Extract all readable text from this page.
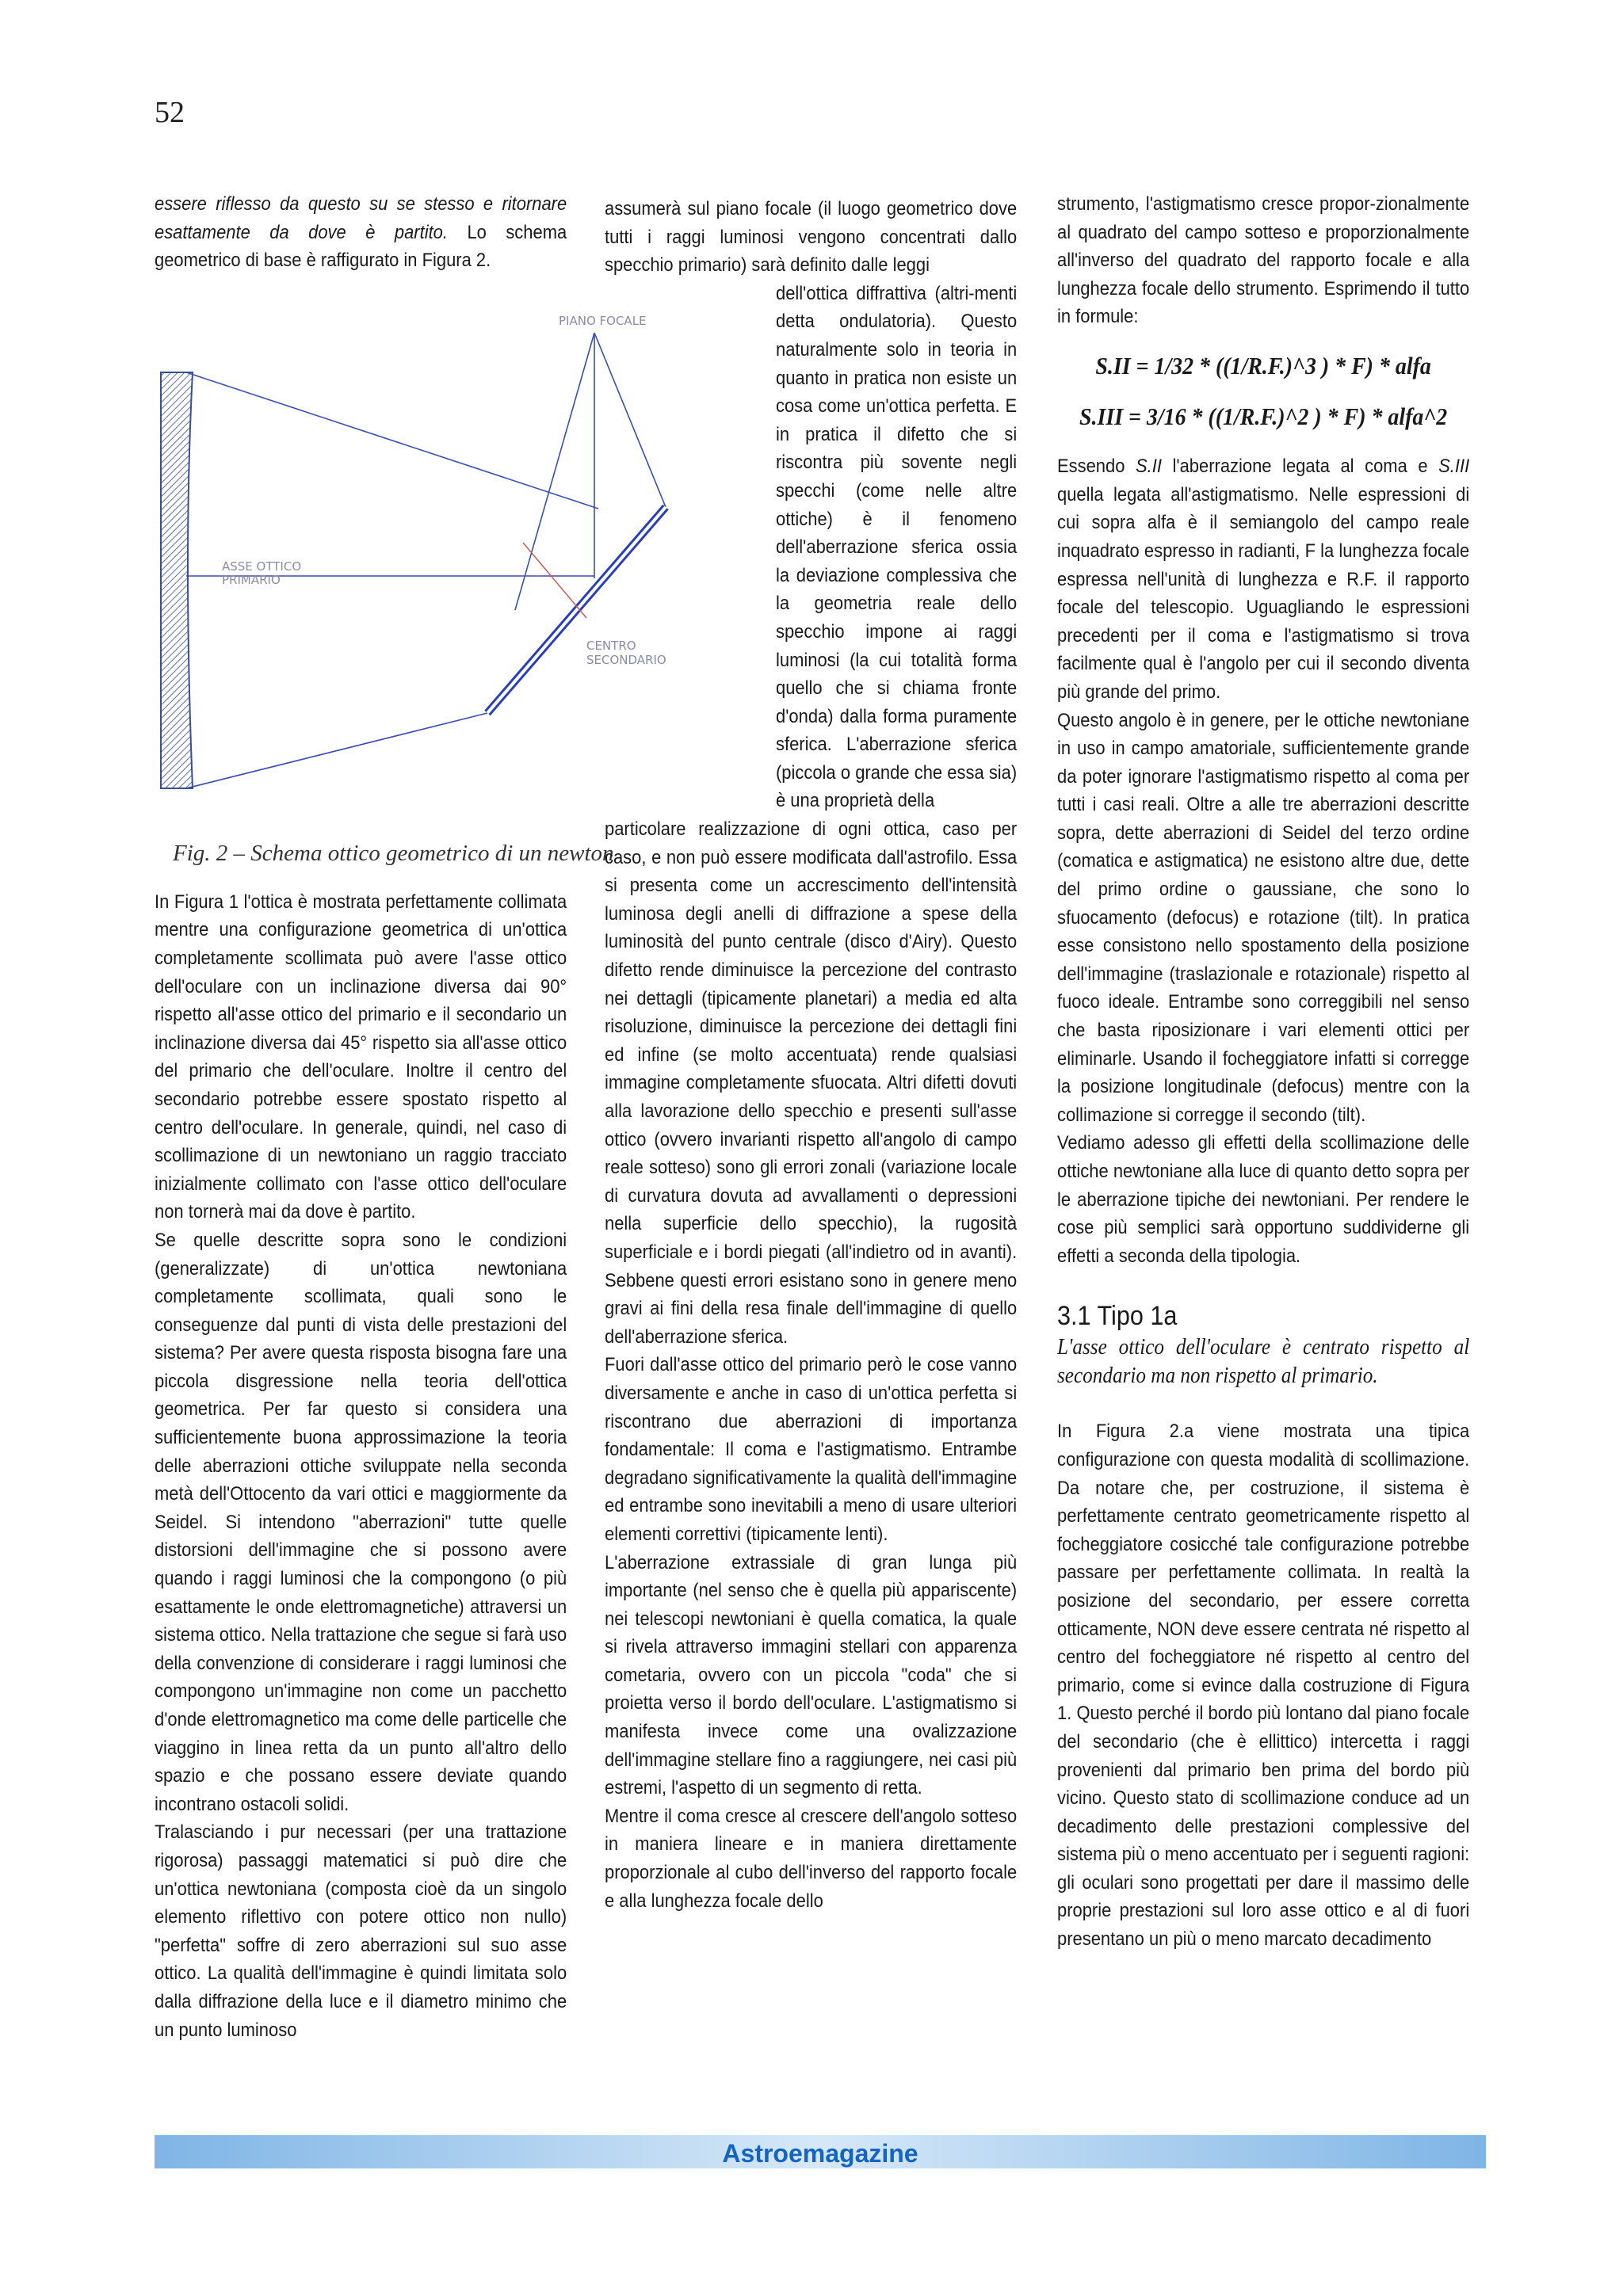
52
PIANO FOCALE
ASSE OTTICO
PRIMARIO
CENTRO
SECONDARIO
Fig. 2 – Schema ottico geometrico di un newton

essere riflesso da questo su se stesso e ritornare esattamente da dove è partito. Lo schema geometrico di base è raffigurato in Figura 2.

In Figura 1 l'ottica è mostrata perfettamente collimata mentre una configurazione geometrica di un'ottica completamente scollimata può avere l'asse ottico dell'oculare con un inclinazione diversa dai 90° rispetto all'asse ottico del primario e il secondario un inclinazione diversa dai 45° rispetto sia all'asse ottico del primario che dell'oculare. Inoltre il centro del secondario potrebbe essere spostato rispetto al centro dell'oculare. In generale, quindi, nel caso di scollimazione di un newtoniano un raggio tracciato inizialmente collimato con l'asse ottico dell'oculare non tornerà mai da dove è partito.

Se quelle descritte sopra sono le condizioni (generalizzate) di un'ottica newtoniana completamente scollimata, quali sono le conseguenze dal punti di vista delle prestazioni del sistema? Per avere questa risposta bisogna fare una piccola disgressione nella teoria dell'ottica geometrica. Per far questo si considera una sufficientemente buona approssimazione la teoria delle aberrazioni ottiche sviluppate nella seconda metà dell'Ottocento da vari ottici e maggiormente da Seidel. Si intendono "aberrazioni" tutte quelle distorsioni dell'immagine che si possono avere quando i raggi luminosi che la compongono (o più esattamente le onde elettromagnetiche) attraversi un sistema ottico. Nella trattazione che segue si farà uso della convenzione di considerare i raggi luminosi che compongono un'immagine non come un pacchetto d'onde elettromagnetico ma come delle particelle che viaggino in linea retta da un punto all'altro dello spazio e che possano essere deviate quando incontrano ostacoli solidi.

Tralasciando i pur necessari (per una trattazione rigorosa) passaggi matematici si può dire che un'ottica newtoniana (composta cioè da un singolo elemento riflettivo con potere ottico non nullo) "perfetta" soffre di zero aberrazioni sul suo asse ottico. La qualità dell'immagine è quindi limitata solo dalla diffrazione della luce e il diametro minimo che un punto luminoso

assumerà sul piano focale (il luogo geometrico dove tutti i raggi luminosi vengono concentrati dallo specchio primario) sarà definito dalle leggi

dell'ottica diffrattiva (altri-menti detta ondulatoria). Questo naturalmente solo in teoria in quanto in pratica non esiste un cosa come un'ottica perfetta. E in pratica il difetto che si riscontra più sovente negli specchi (come nelle altre ottiche) è il fenomeno dell'aberrazione sferica ossia la deviazione complessiva che la geometria reale dello specchio impone ai raggi luminosi (la cui totalità forma quello che si chiama fronte d'onda) dalla forma puramente sferica. L'aberrazione sferica (piccola o grande che essa sia) è una proprietà della

particolare realizzazione di ogni ottica, caso per caso, e non può essere modificata dall'astrofilo. Essa si presenta come un accrescimento dell'intensità luminosa degli anelli di diffrazione a spese della luminosità del punto centrale (disco d'Airy). Questo difetto rende diminuisce la percezione del contrasto nei dettagli (tipicamente planetari) a media ed alta risoluzione, diminuisce la percezione dei dettagli fini ed infine (se molto accentuata) rende qualsiasi immagine completamente sfuocata. Altri difetti dovuti alla lavorazione dello specchio e presenti sull'asse ottico (ovvero invarianti rispetto all'angolo di campo reale sotteso) sono gli errori zonali (variazione locale di curvatura dovuta ad avvallamenti o depressioni nella superficie dello specchio), la rugosità superficiale e i bordi piegati (all'indietro od in avanti). Sebbene questi errori esistano sono in genere meno gravi ai fini della resa finale dell'immagine di quello dell'aberrazione sferica.

Fuori dall'asse ottico del primario però le cose vanno diversamente e anche in caso di un'ottica perfetta si riscontrano due aberrazioni di importanza fondamentale: Il coma e l'astigmatismo. Entrambe degradano significativamente la qualità dell'immagine ed entrambe sono inevitabili a meno di usare ulteriori elementi correttivi (tipicamente lenti).

L'aberrazione extrassiale di gran lunga più importante (nel senso che è quella più appariscente) nei telescopi newtoniani è quella comatica, la quale si rivela attraverso immagini stellari con apparenza cometaria, ovvero con un piccola "coda" che si proietta verso il bordo dell'oculare. L'astigmatismo si manifesta invece come una ovalizzazione dell'immagine stellare fino a raggiungere, nei casi più estremi, l'aspetto di un segmento di retta.

Mentre il coma cresce al crescere dell'angolo sotteso in maniera lineare e in maniera direttamente proporzionale al cubo dell'inverso del rapporto focale e alla lunghezza focale dello

strumento, l'astigmatismo cresce propor-zionalmente al quadrato del campo sotteso e proporzionalmente all'inverso del quadrato del rapporto focale e alla lunghezza focale dello strumento. Esprimendo il tutto in formule:

S.II = 1/32 * ((1/R.F.)^3 ) * F) * alfa
S.III = 3/16 * ((1/R.F.)^2 ) * F) * alfa^2

Essendo S.II l'aberrazione legata al coma e S.III quella legata all'astigmatismo. Nelle espressioni di cui sopra alfa è il semiangolo del campo reale inquadrato espresso in radianti, F la lunghezza focale espressa nell'unità di lunghezza e R.F. il rapporto focale del telescopio. Uguagliando le espressioni precedenti per il coma e l'astigmatismo si trova facilmente qual è l'angolo per cui il secondo diventa più grande del primo.

Questo angolo è in genere, per le ottiche newtoniane in uso in campo amatoriale, sufficientemente grande da poter ignorare l'astigmatismo rispetto al coma per tutti i casi reali. Oltre a alle tre aberrazioni descritte sopra, dette aberrazioni di Seidel del terzo ordine (comatica e astigmatica) ne esistono altre due, dette del primo ordine o gaussiane, che sono lo sfuocamento (defocus) e rotazione (tilt). In pratica esse consistono nello spostamento della posizione dell'immagine (traslazionale e rotazionale) rispetto al fuoco ideale. Entrambe sono correggibili nel senso che basta riposizionare i vari elementi ottici per eliminarle. Usando il focheggiatore infatti si corregge la posizione longitudinale (defocus) mentre con la collimazione si corregge il secondo (tilt).

Vediamo adesso gli effetti della scollimazione delle ottiche newtoniane alla luce di quanto detto sopra per le aberrazione tipiche dei newtoniani. Per rendere le cose più semplici sarà opportuno suddividerne gli effetti a seconda della tipologia.

3.1 Tipo 1a
L'asse ottico dell'oculare è centrato rispetto al secondario ma non rispetto al primario.

In Figura 2.a viene mostrata una tipica configurazione con questa modalità di scollimazione. Da notare che, per costruzione, il sistema è perfettamente centrato geometricamente rispetto al focheggiatore cosicché tale configurazione potrebbe passare per perfettamente collimata. In realtà la posizione del secondario, per essere corretta otticamente, NON deve essere centrata né rispetto al centro del focheggiatore né rispetto al centro del primario, come si evince dalla costruzione di Figura 1. Questo perché il bordo più lontano dal piano focale del secondario (che è ellittico) intercetta i raggi provenienti dal primario ben prima del bordo più vicino. Questo stato di scollimazione conduce ad un decadimento delle prestazioni complessive del sistema più o meno accentuato per i seguenti ragioni: gli oculari sono progettati per dare il massimo delle proprie prestazioni sul loro asse ottico e al di fuori presentano un più o meno marcato decadimento

Astroemagazine
